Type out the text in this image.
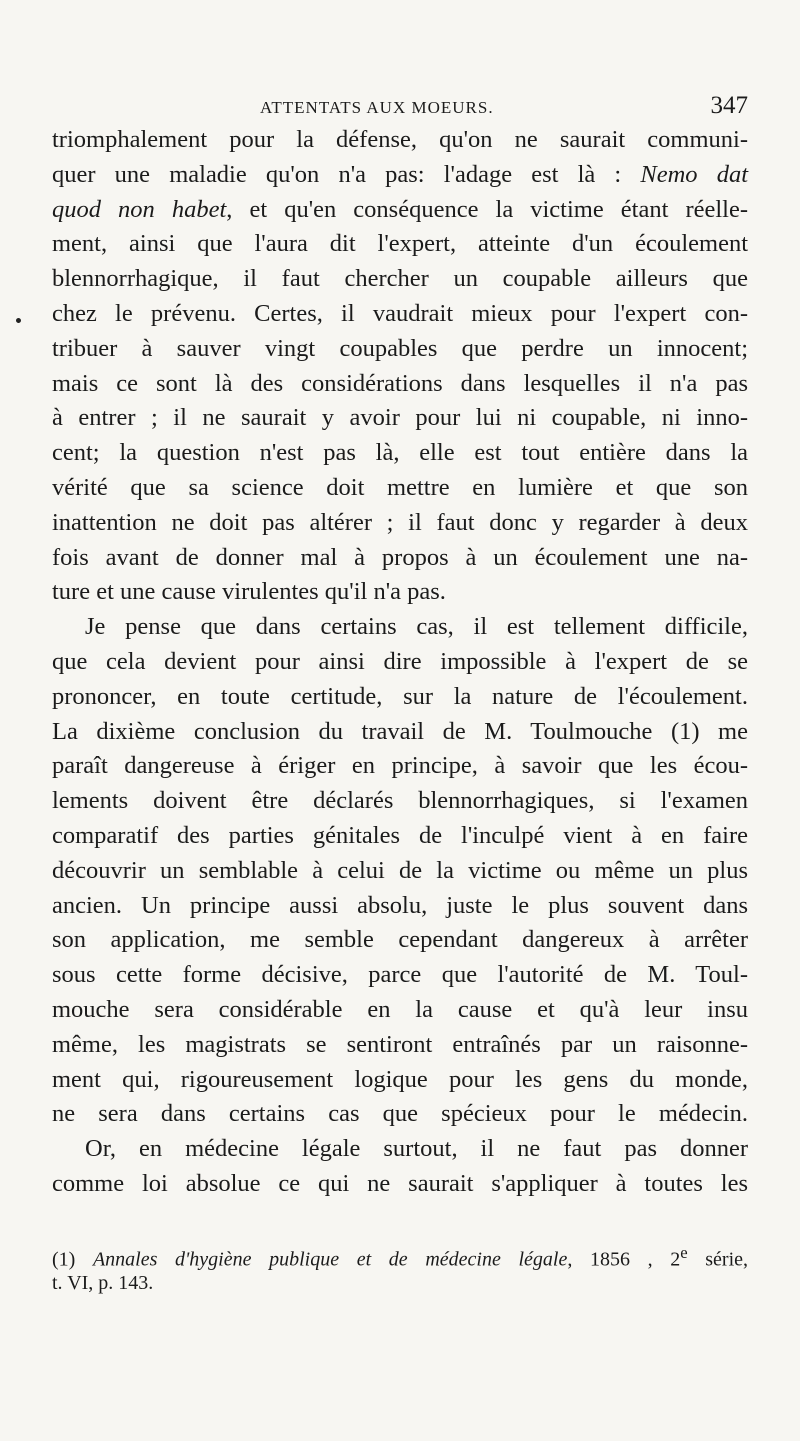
ATTENTATS AUX MOEURS.	347
triomphalement pour la défense, qu'on ne saurait communi-
quer une maladie qu'on n'a pas: l'adage est là : Nemo dat
quod non habet, et qu'en conséquence la victime étant réelle-
ment, ainsi que l'aura dit l'expert, atteinte d'un écoulement
blennorrhagique, il faut chercher un coupable ailleurs que
chez le prévenu. Certes, il vaudrait mieux pour l'expert con-
tribuer à sauver vingt coupables que perdre un innocent;
mais ce sont là des considérations dans lesquelles il n'a pas
à entrer ; il ne saurait y avoir pour lui ni coupable, ni inno-
cent; la question n'est pas là, elle est tout entière dans la
vérité que sa science doit mettre en lumière et que son
inattention ne doit pas altérer ; il faut donc y regarder à deux
fois avant de donner mal à propos à un écoulement une na-
ture et une cause virulentes qu'il n'a pas.
Je pense que dans certains cas, il est tellement difficile,
que cela devient pour ainsi dire impossible à l'expert de se
prononcer, en toute certitude, sur la nature de l'écoulement.
La dixième conclusion du travail de M. Toulmouche (1) me
paraît dangereuse à ériger en principe, à savoir que les écou-
lements doivent être déclarés blennorrhagiques, si l'examen
comparatif des parties génitales de l'inculpé vient à en faire
découvrir un semblable à celui de la victime ou même un plus
ancien. Un principe aussi absolu, juste le plus souvent dans
son application, me semble cependant dangereux à arrêter
sous cette forme décisive, parce que l'autorité de M. Toul-
mouche sera considérable en la cause et qu'à leur insu
même, les magistrats se sentiront entraînés par un raisonne-
ment qui, rigoureusement logique pour les gens du monde,
ne sera dans certains cas que spécieux pour le médecin.
Or, en médecine légale surtout, il ne faut pas donner
comme loi absolue ce qui ne saurait s'appliquer à toutes les
(1) Annales d'hygiène publique et de médecine légale, 1856 , 2e série,
t. VI, p. 143.
